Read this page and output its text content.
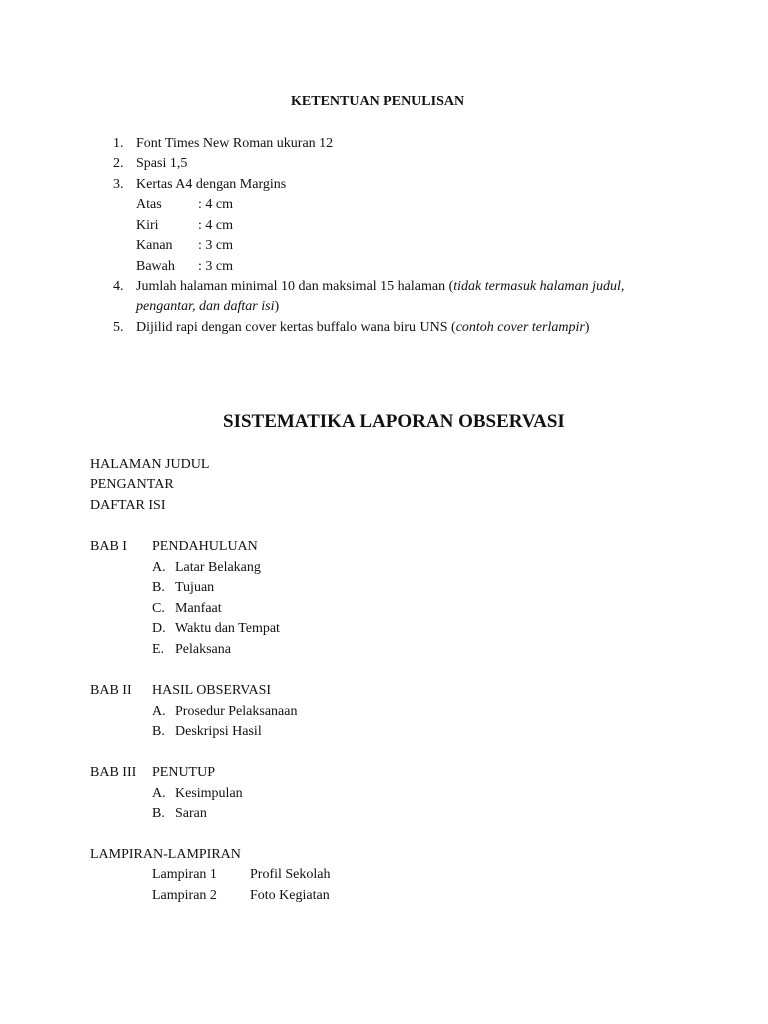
KETENTUAN PENULISAN
1. Font Times New Roman ukuran 12
2. Spasi 1,5
3. Kertas A4 dengan Margins
Atas	: 4 cm
Kiri	: 4 cm
Kanan : 3 cm
Bawah : 3 cm
4. Jumlah halaman minimal 10 dan maksimal 15 halaman (tidak termasuk halaman judul,
pengantar, dan daftar isi)
5. Dijilid rapi dengan cover kertas buffalo wana biru UNS (contoh cover terlampir)
SISTEMATIKA LAPORAN OBSERVASI
HALAMAN JUDUL
PENGANTAR
DAFTAR ISI
BAB I PENDAHULUAN
A. Latar Belakang
B. Tujuan
C. Manfaat
D. Waktu dan Tempat
E. Pelaksana
BAB II HASIL OBSERVASI
A. Prosedur Pelaksanaan
B. Deskripsi Hasil
BAB III PENUTUP
A. Kesimpulan
B. Saran
LAMPIRAN-LAMPIRAN
Lampiran 1 Profil Sekolah
Lampiran 2 Foto Kegiatan
